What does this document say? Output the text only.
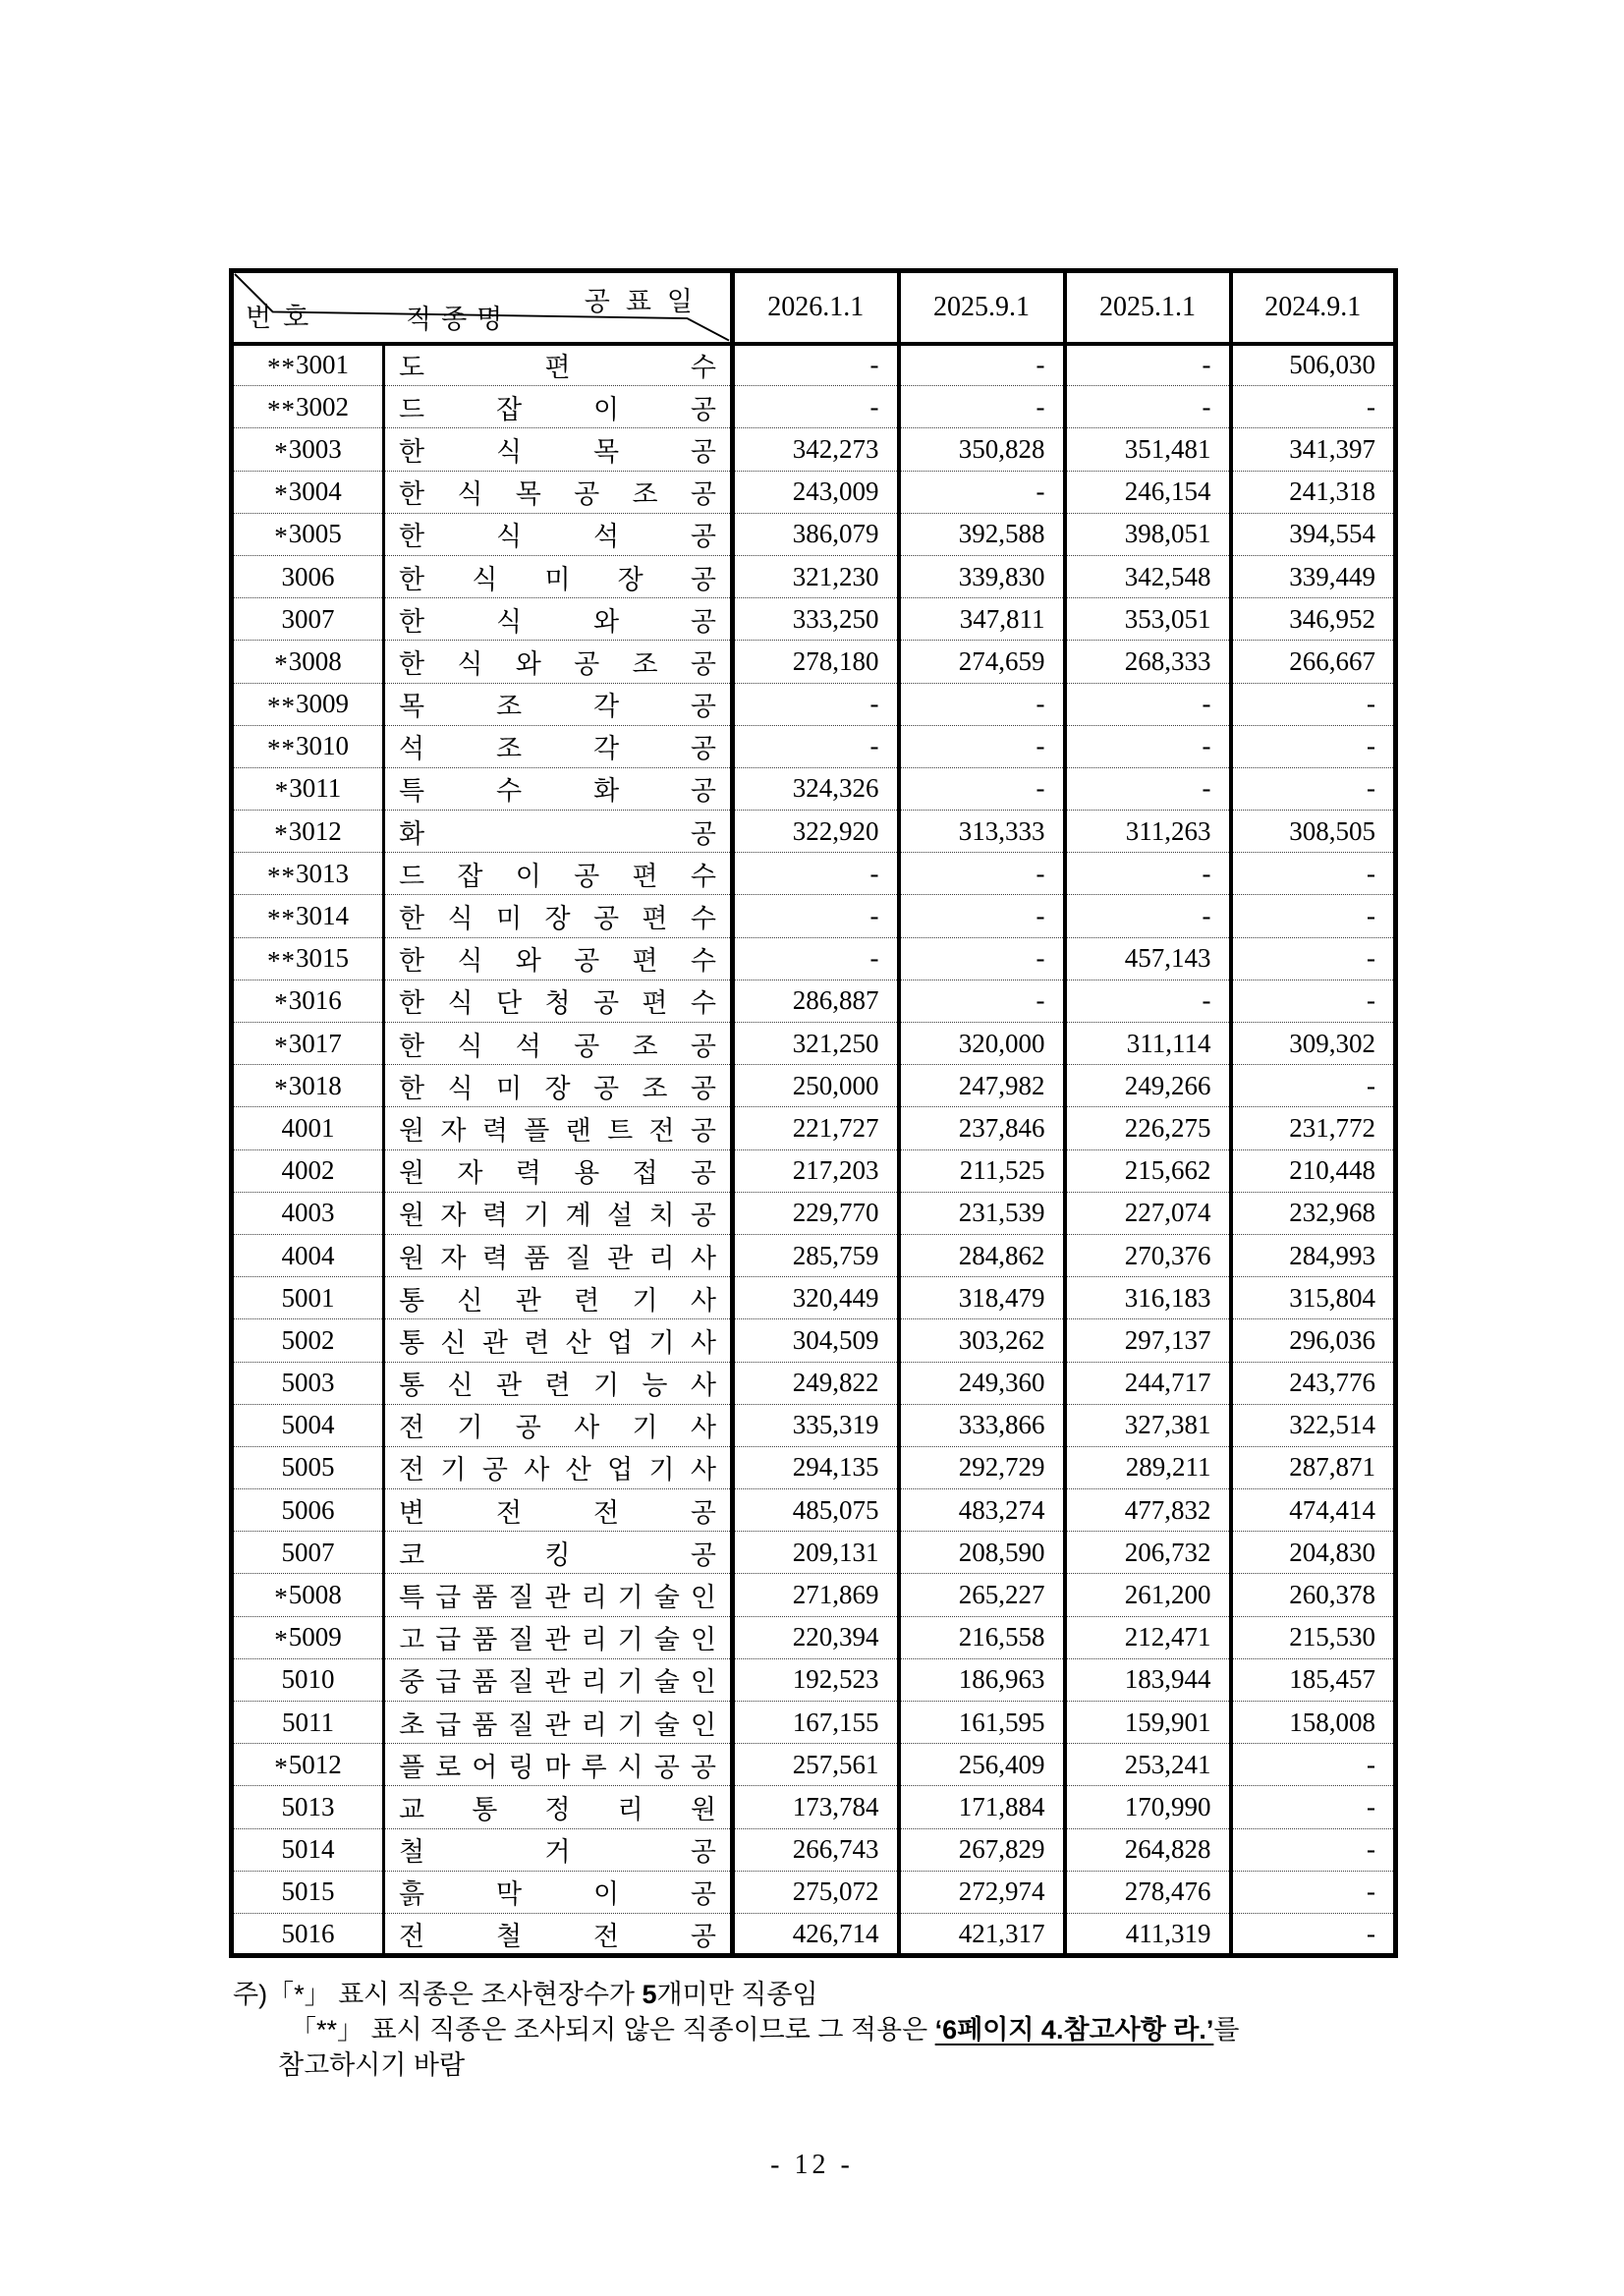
공표일
번호 직종명		2026.1.1	2025.9.1	2025.1.1	2024.9.1
**3001	도 편 수	-	-	-	506,030
**3002	드 잡 이 공	-	-	-	-
*3003	한 식 목 공	342,273	350,828	351,481	341,397
*3004	한 식 목 공 조 공	243,009	-	246,154	241,318
*3005	한 식 석 공	386,079	392,588	398,051	394,554
3006	한 식 미 장 공	321,230	339,830	342,548	339,449
3007	한 식 와 공	333,250	347,811	353,051	346,952
*3008	한 식 와 공 조 공	278,180	274,659	268,333	266,667
**3009	목 조 각 공	-	-	-	-
**3010	석 조 각 공	-	-	-	-
*3011	특 수 화 공	324,326	-	-	-
*3012	화 공	322,920	313,333	311,263	308,505
**3013	드 잡 이 공 편 수	-	-	-	-
**3014	한 식 미 장 공 편 수	-	-	-	-
**3015	한 식 와 공 편 수	-	-	457,143	-
*3016	한 식 단 청 공 편 수	286,887	-	-	-
*3017	한 식 석 공 조 공	321,250	320,000	311,114	309,302
*3018	한 식 미 장 공 조 공	250,000	247,982	249,266	-
4001	원 자 력 플 랜 트 전 공	221,727	237,846	226,275	231,772
4002	원 자 력 용 접 공	217,203	211,525	215,662	210,448
4003	원 자 력 기 계 설 치 공	229,770	231,539	227,074	232,968
4004	원 자 력 품 질 관 리 사	285,759	284,862	270,376	284,993
5001	통 신 관 련 기 사	320,449	318,479	316,183	315,804
5002	통 신 관 련 산 업 기 사	304,509	303,262	297,137	296,036
5003	통 신 관 련 기 능 사	249,822	249,360	244,717	243,776
5004	전 기 공 사 기 사	335,319	333,866	327,381	322,514
5005	전 기 공 사 산 업 기 사	294,135	292,729	289,211	287,871
5006	변 전 전 공	485,075	483,274	477,832	474,414
5007	코 킹 공	209,131	208,590	206,732	204,830
*5008	특 급 품 질 관 리 기 술 인	271,869	265,227	261,200	260,378
*5009	고 급 품 질 관 리 기 술 인	220,394	216,558	212,471	215,530
5010	중 급 품 질 관 리 기 술 인	192,523	186,963	183,944	185,457
5011	초 급 품 질 관 리 기 술 인	167,155	161,595	159,901	158,008
*5012	플 로 어 링 마 루 시 공 공	257,561	256,409	253,241	-
5013	교 통 정 리 원	173,784	171,884	170,990	-
5014	철 거 공	266,743	267,829	264,828	-
5015	흙 막 이 공	275,072	272,974	278,476	-
5016	전 철 전 공	426,714	421,317	411,319	-
주)「*」 표시 직종은 조사현장수가 5개미만 직종임
「**」 표시 직종은 조사되지 않은 직종이므로 그 적용은 ‘6페이지 4.참고사항 라.’를
참고하시기 바람
- 12 -
